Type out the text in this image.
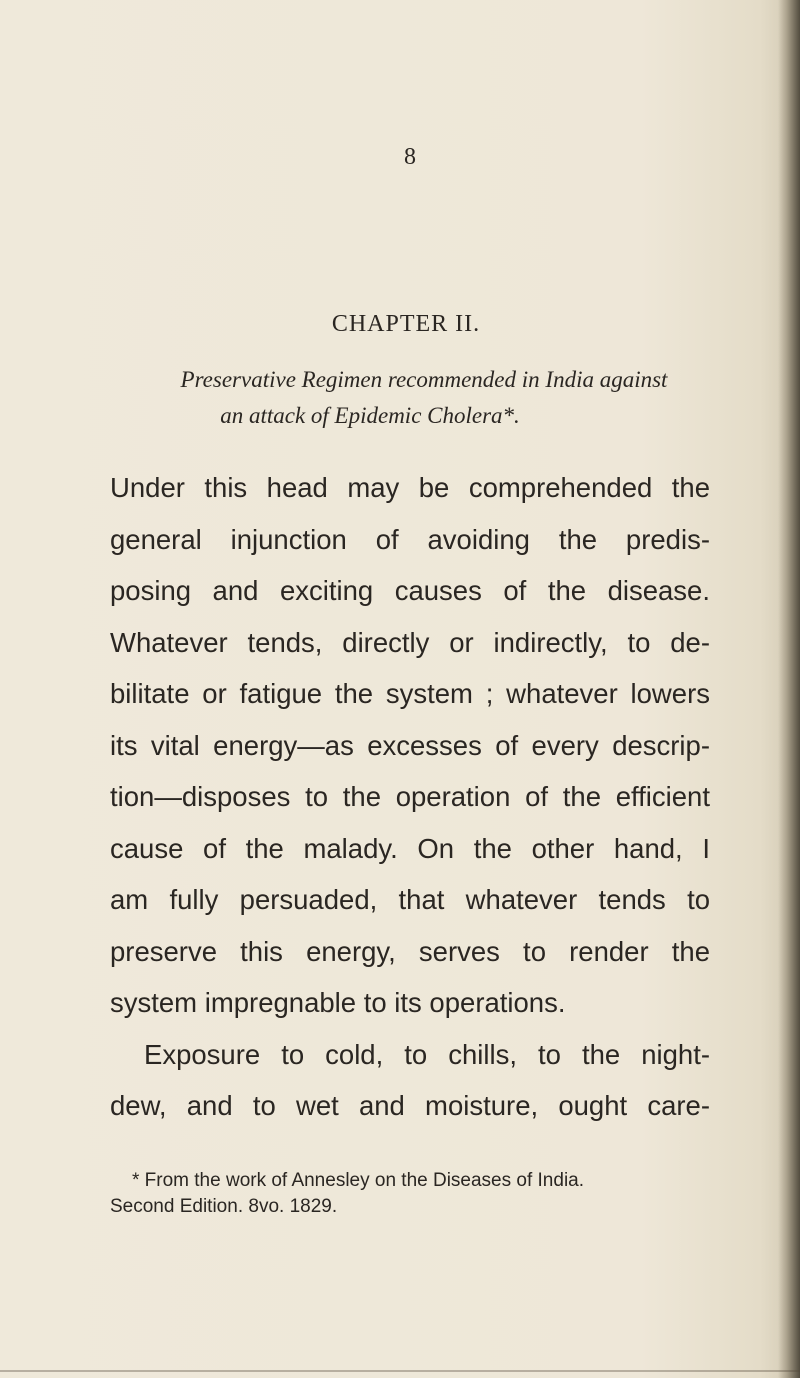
8
CHAPTER II.
Preservative Regimen recommended in India against
an attack of Epidemic Cholera*.
Under this head may be comprehended the
general injunction of avoiding the predis-
posing and exciting causes of the disease.
Whatever tends, directly or indirectly, to de-
bilitate or fatigue the system ; whatever lowers
its vital energy—as excesses of every descrip-
tion—disposes to the operation of the efficient
cause of the malady. On the other hand, I
am fully persuaded, that whatever tends to
preserve this energy, serves to render the
system impregnable to its operations.
Exposure to cold, to chills, to the night-
dew, and to wet and moisture, ought care-
* From the work of Annesley on the Diseases of India.
Second Edition. 8vo. 1829.
